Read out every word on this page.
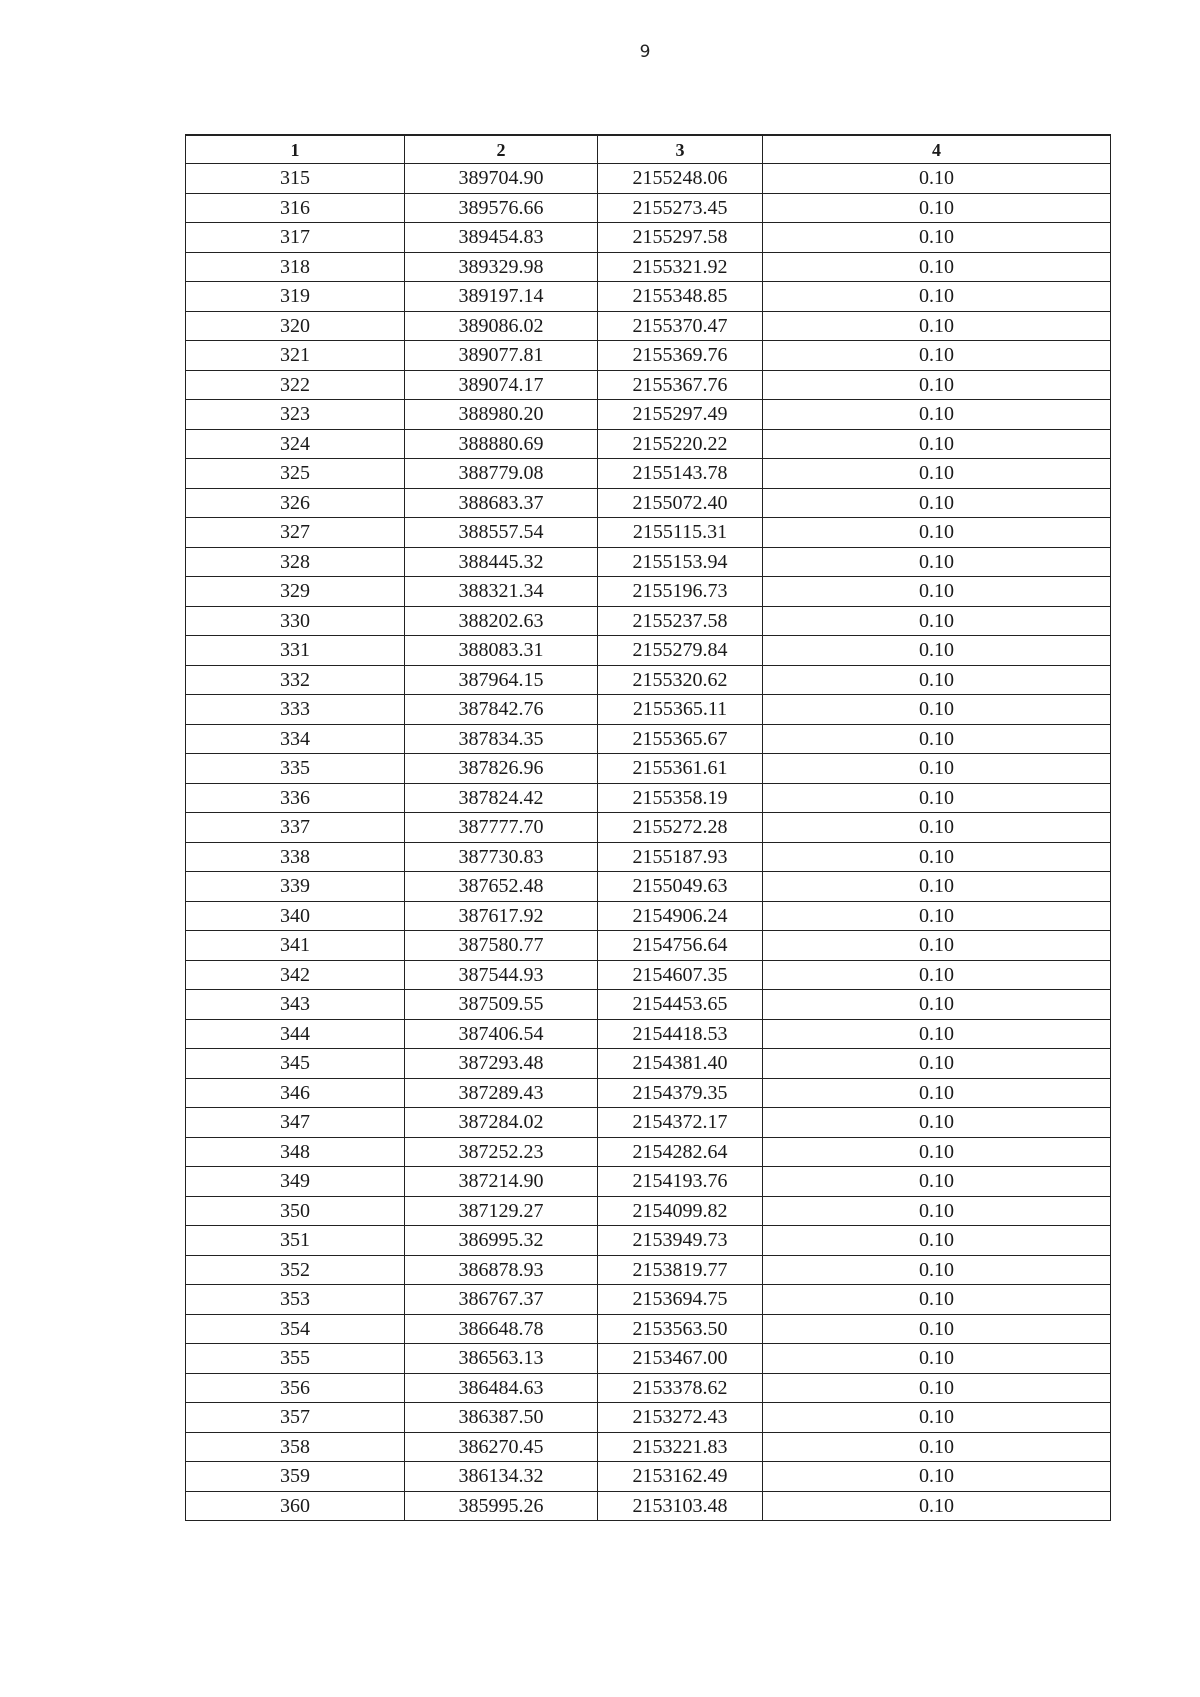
9
1	2	3	4
315	389704.90	2155248.06	0.10
316	389576.66	2155273.45	0.10
317	389454.83	2155297.58	0.10
318	389329.98	2155321.92	0.10
319	389197.14	2155348.85	0.10
320	389086.02	2155370.47	0.10
321	389077.81	2155369.76	0.10
322	389074.17	2155367.76	0.10
323	388980.20	2155297.49	0.10
324	388880.69	2155220.22	0.10
325	388779.08	2155143.78	0.10
326	388683.37	2155072.40	0.10
327	388557.54	2155115.31	0.10
328	388445.32	2155153.94	0.10
329	388321.34	2155196.73	0.10
330	388202.63	2155237.58	0.10
331	388083.31	2155279.84	0.10
332	387964.15	2155320.62	0.10
333	387842.76	2155365.11	0.10
334	387834.35	2155365.67	0.10
335	387826.96	2155361.61	0.10
336	387824.42	2155358.19	0.10
337	387777.70	2155272.28	0.10
338	387730.83	2155187.93	0.10
339	387652.48	2155049.63	0.10
340	387617.92	2154906.24	0.10
341	387580.77	2154756.64	0.10
342	387544.93	2154607.35	0.10
343	387509.55	2154453.65	0.10
344	387406.54	2154418.53	0.10
345	387293.48	2154381.40	0.10
346	387289.43	2154379.35	0.10
347	387284.02	2154372.17	0.10
348	387252.23	2154282.64	0.10
349	387214.90	2154193.76	0.10
350	387129.27	2154099.82	0.10
351	386995.32	2153949.73	0.10
352	386878.93	2153819.77	0.10
353	386767.37	2153694.75	0.10
354	386648.78	2153563.50	0.10
355	386563.13	2153467.00	0.10
356	386484.63	2153378.62	0.10
357	386387.50	2153272.43	0.10
358	386270.45	2153221.83	0.10
359	386134.32	2153162.49	0.10
360	385995.26	2153103.48	0.10
